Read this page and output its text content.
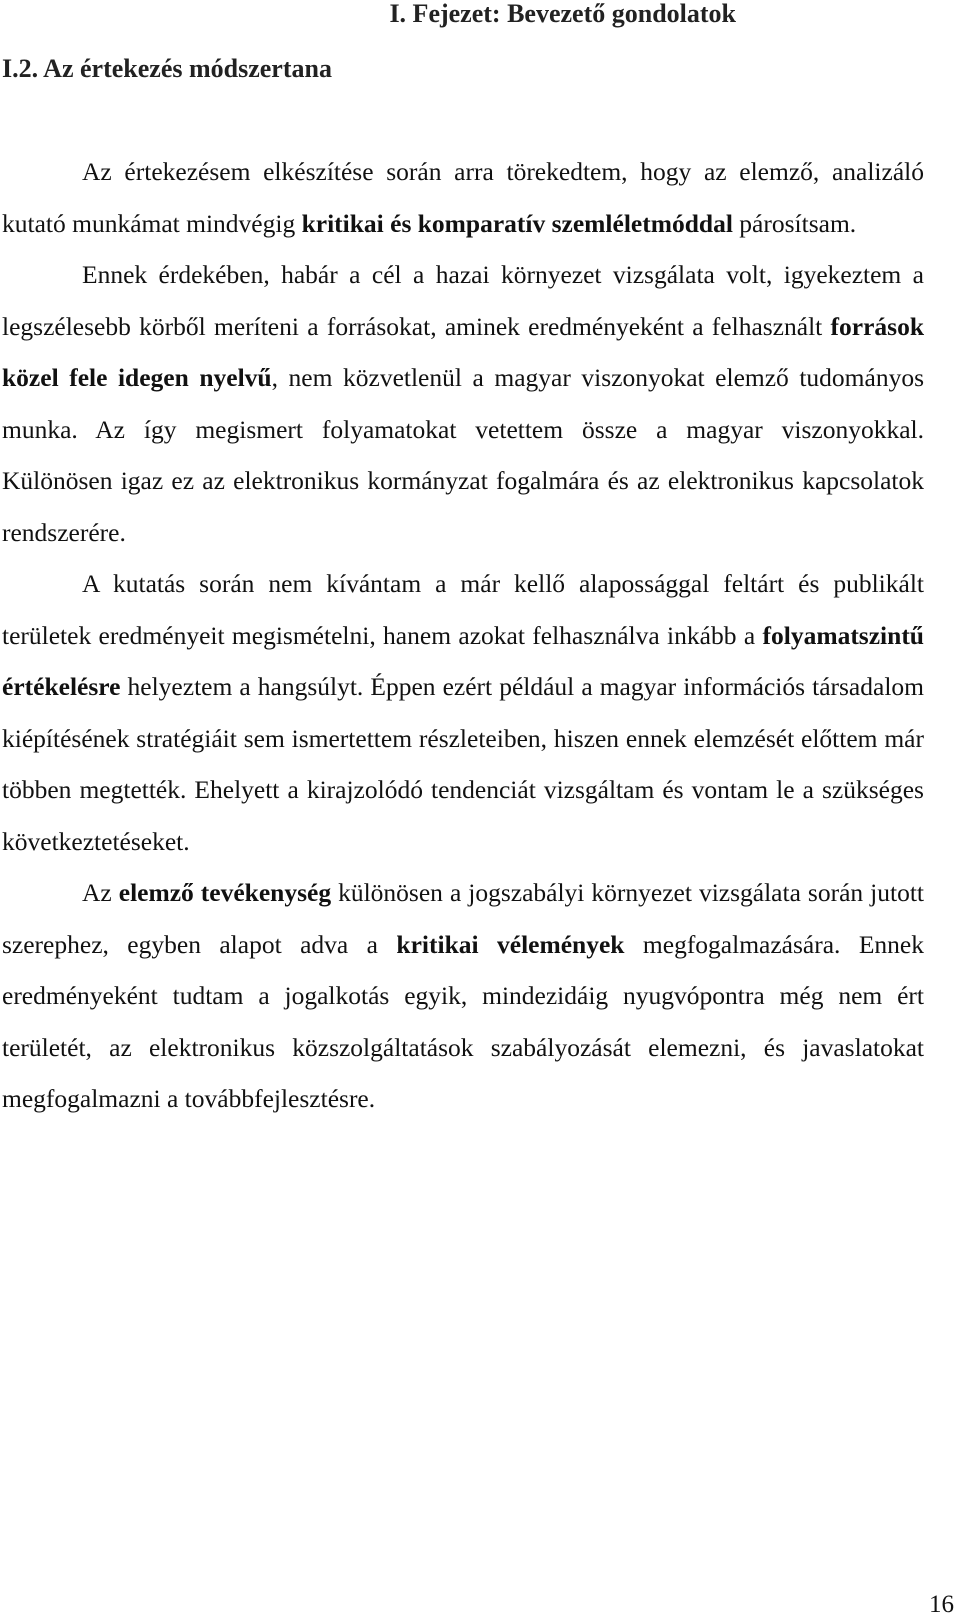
I. Fejezet: Bevezető gondolatok
I.2. Az értekezés módszertana

Az értekezésem elkészítése során arra törekedtem, hogy az elemző, analizáló kutató munkámat mindvégig kritikai és komparatív szemléletmóddal párosítsam.

Ennek érdekében, habár a cél a hazai környezet vizsgálata volt, igyekeztem a legszélesebb körből meríteni a forrásokat, aminek eredményeként a felhasznált források közel fele idegen nyelvű, nem közvetlenül a magyar viszonyokat elemző tudományos munka. Az így megismert folyamatokat vetettem össze a magyar viszonyokkal. Különösen igaz ez az elektronikus kormányzat fogalmára és az elektronikus kapcsolatok rendszerére.

A kutatás során nem kívántam a már kellő alapossággal feltárt és publikált területek eredményeit megismételni, hanem azokat felhasználva inkább a folyamatszintű értékelésre helyeztem a hangsúlyt. Éppen ezért például a magyar információs társadalom kiépítésének stratégiáit sem ismertettem részleteiben, hiszen ennek elemzését előttem már többen megtették. Ehelyett a kirajzolódó tendenciát vizsgáltam és vontam le a szükséges következtetéseket.

Az elemző tevékenység különösen a jogszabályi környezet vizsgálata során jutott szerephez, egyben alapot adva a kritikai vélemények megfogalmazására. Ennek eredményeként tudtam a jogalkotás egyik, mindezidáig nyugvópontra még nem ért területét, az elektronikus közszolgáltatások szabályozását elemezni, és javaslatokat megfogalmazni a továbbfejlesztésre.

16
